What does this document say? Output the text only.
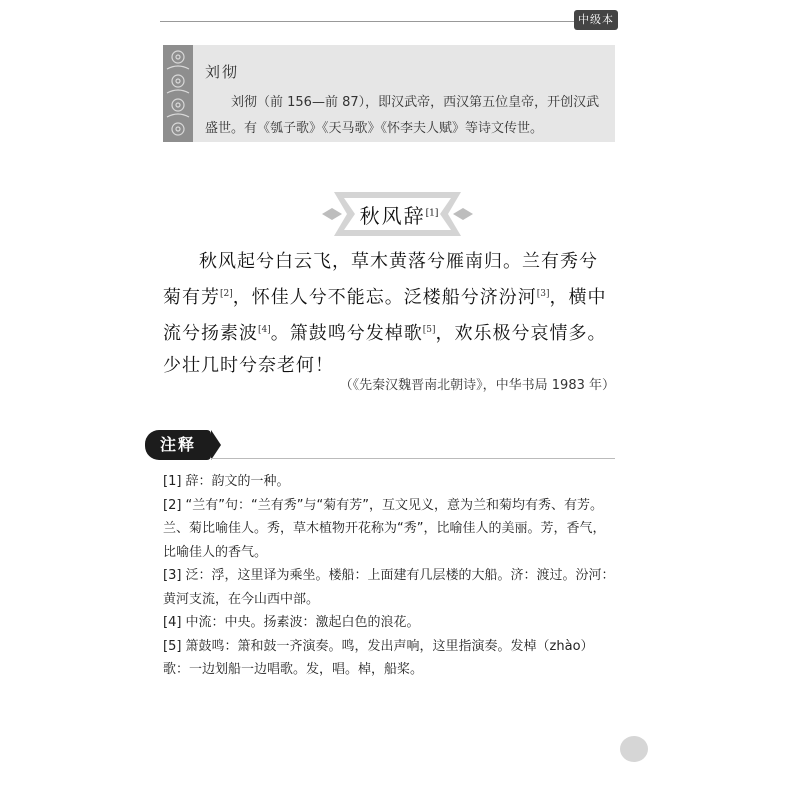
中级本
刘彻
刘彻（前 156—前 87），即汉武帝，西汉第五位皇帝，开创汉武盛世。有《瓠子歌》《天马歌》《怀李夫人赋》等诗文传世。
秋风辞[1]

秋风起兮白云飞，草木黄落兮雁南归。兰有秀兮菊有芳[2]，怀佳人兮不能忘。泛楼船兮济汾河[3]，横中流兮扬素波[4]。箫鼓鸣兮发棹歌[5]，欢乐极兮哀情多。少壮几时兮奈老何！

（《先秦汉魏晋南北朝诗》，中华书局 1983 年）
注释
[1] 辞：韵文的一种。
[2] “兰有”句：“兰有秀”与“菊有芳”，互文见义，意为兰和菊均有秀、有芳。兰、菊比喻佳人。秀，草木植物开花称为“秀”，比喻佳人的美丽。芳，香气，比喻佳人的香气。
[3] 泛：浮，这里译为乘坐。楼船：上面建有几层楼的大船。济：渡过。汾河：黄河支流，在今山西中部。
[4] 中流：中央。扬素波：激起白色的浪花。
[5] 箫鼓鸣：箫和鼓一齐演奏。鸣，发出声响，这里指演奏。发棹（zhào）歌：一边划船一边唱歌。发，唱。棹，船桨。
